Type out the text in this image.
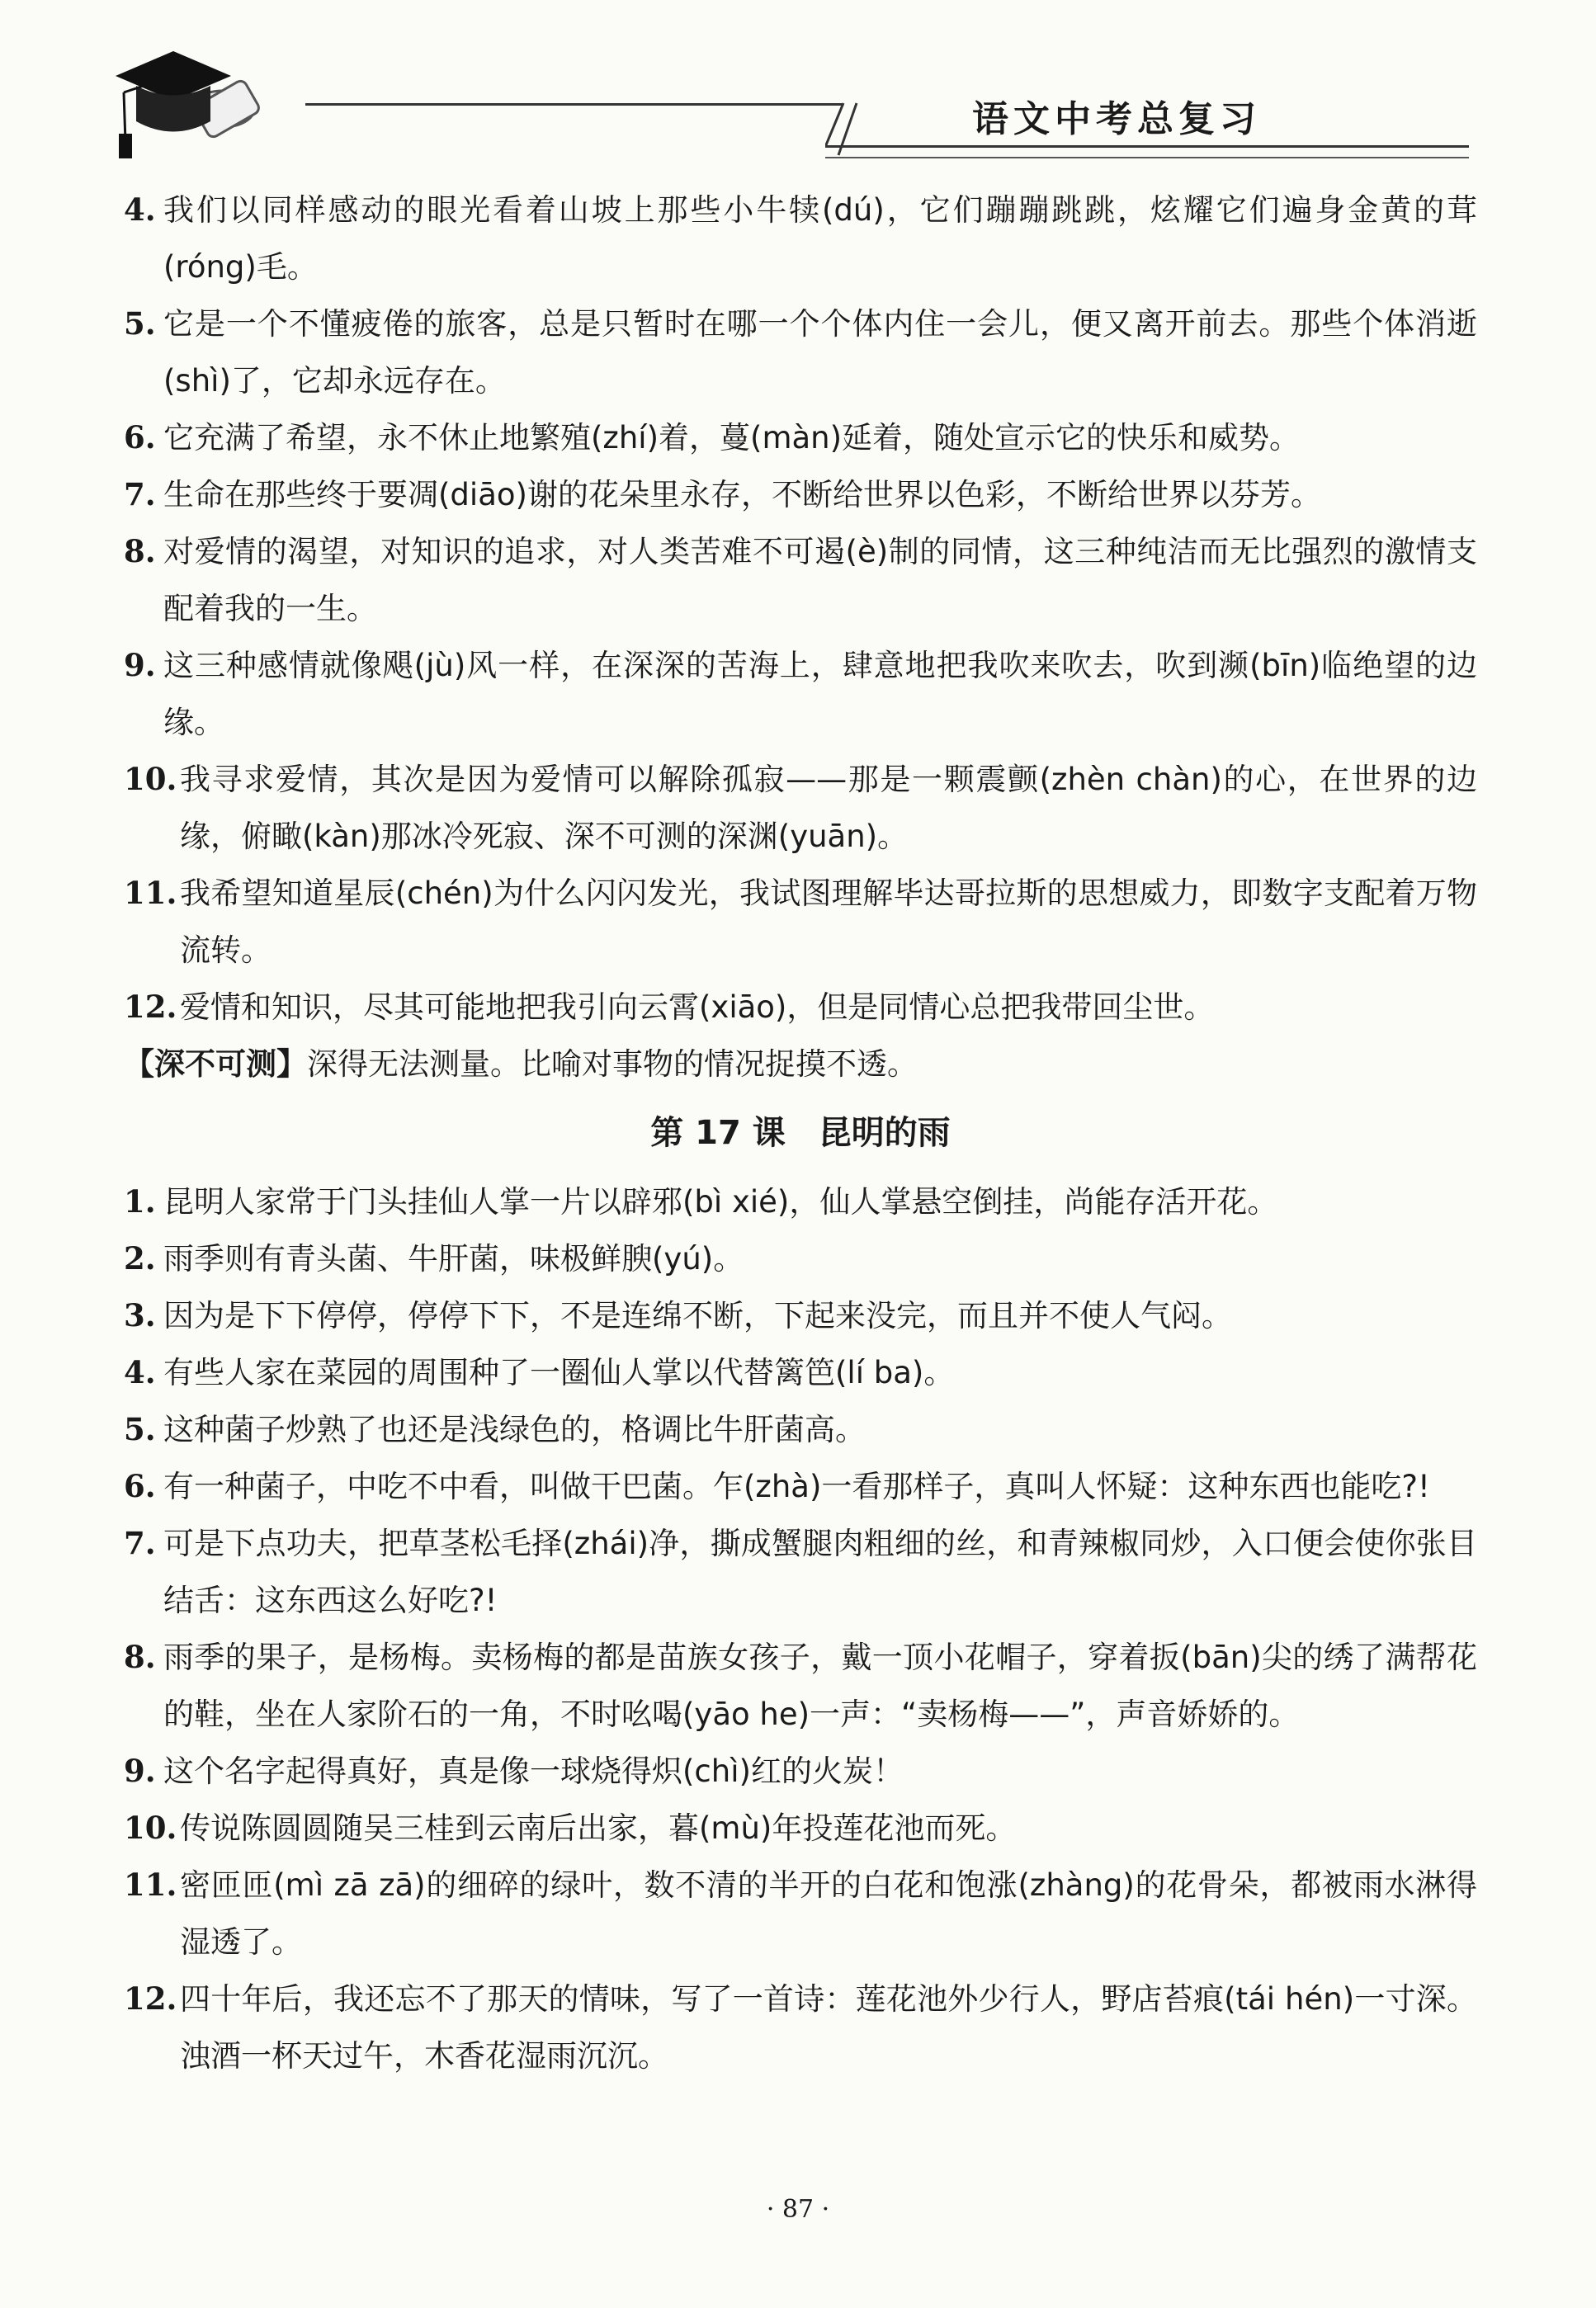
语文中考总复习
4. 我们以同样感动的眼光看着山坡上那些小牛犊(dú)，它们蹦蹦跳跳，炫耀它们遍身金黄的茸(róng)毛。
5. 它是一个不懂疲倦的旅客，总是只暂时在哪一个个体内住一会儿，便又离开前去。那些个体消逝(shì)了，它却永远存在。
6. 它充满了希望，永不休止地繁殖(zhí)着，蔓(màn)延着，随处宣示它的快乐和威势。
7. 生命在那些终于要凋(diāo)谢的花朵里永存，不断给世界以色彩，不断给世界以芬芳。
8. 对爱情的渴望，对知识的追求，对人类苦难不可遏(è)制的同情，这三种纯洁而无比强烈的激情支配着我的一生。
9. 这三种感情就像飓(jù)风一样，在深深的苦海上，肆意地把我吹来吹去，吹到濒(bīn)临绝望的边缘。
10. 我寻求爱情，其次是因为爱情可以解除孤寂——那是一颗震颤(zhèn chàn)的心，在世界的边缘，俯瞰(kàn)那冰冷死寂、深不可测的深渊(yuān)。
11. 我希望知道星辰(chén)为什么闪闪发光，我试图理解毕达哥拉斯的思想威力，即数字支配着万物流转。
12. 爱情和知识，尽其可能地把我引向云霄(xiāo)，但是同情心总把我带回尘世。
【深不可测】深得无法测量。比喻对事物的情况捉摸不透。
第 17 课　昆明的雨
1. 昆明人家常于门头挂仙人掌一片以辟邪(bì xié)，仙人掌悬空倒挂，尚能存活开花。
2. 雨季则有青头菌、牛肝菌，味极鲜腴(yú)。
3. 因为是下下停停，停停下下，不是连绵不断，下起来没完，而且并不使人气闷。
4. 有些人家在菜园的周围种了一圈仙人掌以代替篱笆(lí ba)。
5. 这种菌子炒熟了也还是浅绿色的，格调比牛肝菌高。
6. 有一种菌子，中吃不中看，叫做干巴菌。乍(zhà)一看那样子，真叫人怀疑：这种东西也能吃?!
7. 可是下点功夫，把草茎松毛择(zhái)净，撕成蟹腿肉粗细的丝，和青辣椒同炒，入口便会使你张目结舌：这东西这么好吃?!
8. 雨季的果子，是杨梅。卖杨梅的都是苗族女孩子，戴一顶小花帽子，穿着扳(bān)尖的绣了满帮花的鞋，坐在人家阶石的一角，不时吆喝(yāo he)一声：“卖杨梅——”，声音娇娇的。
9. 这个名字起得真好，真是像一球烧得炽(chì)红的火炭！
10. 传说陈圆圆随吴三桂到云南后出家，暮(mù)年投莲花池而死。
11. 密匝匝(mì zā zā)的细碎的绿叶，数不清的半开的白花和饱涨(zhàng)的花骨朵，都被雨水淋得湿透了。
12. 四十年后，我还忘不了那天的情味，写了一首诗：莲花池外少行人，野店苔痕(tái hén)一寸深。浊酒一杯天过午，木香花湿雨沉沉。
· 87 ·
